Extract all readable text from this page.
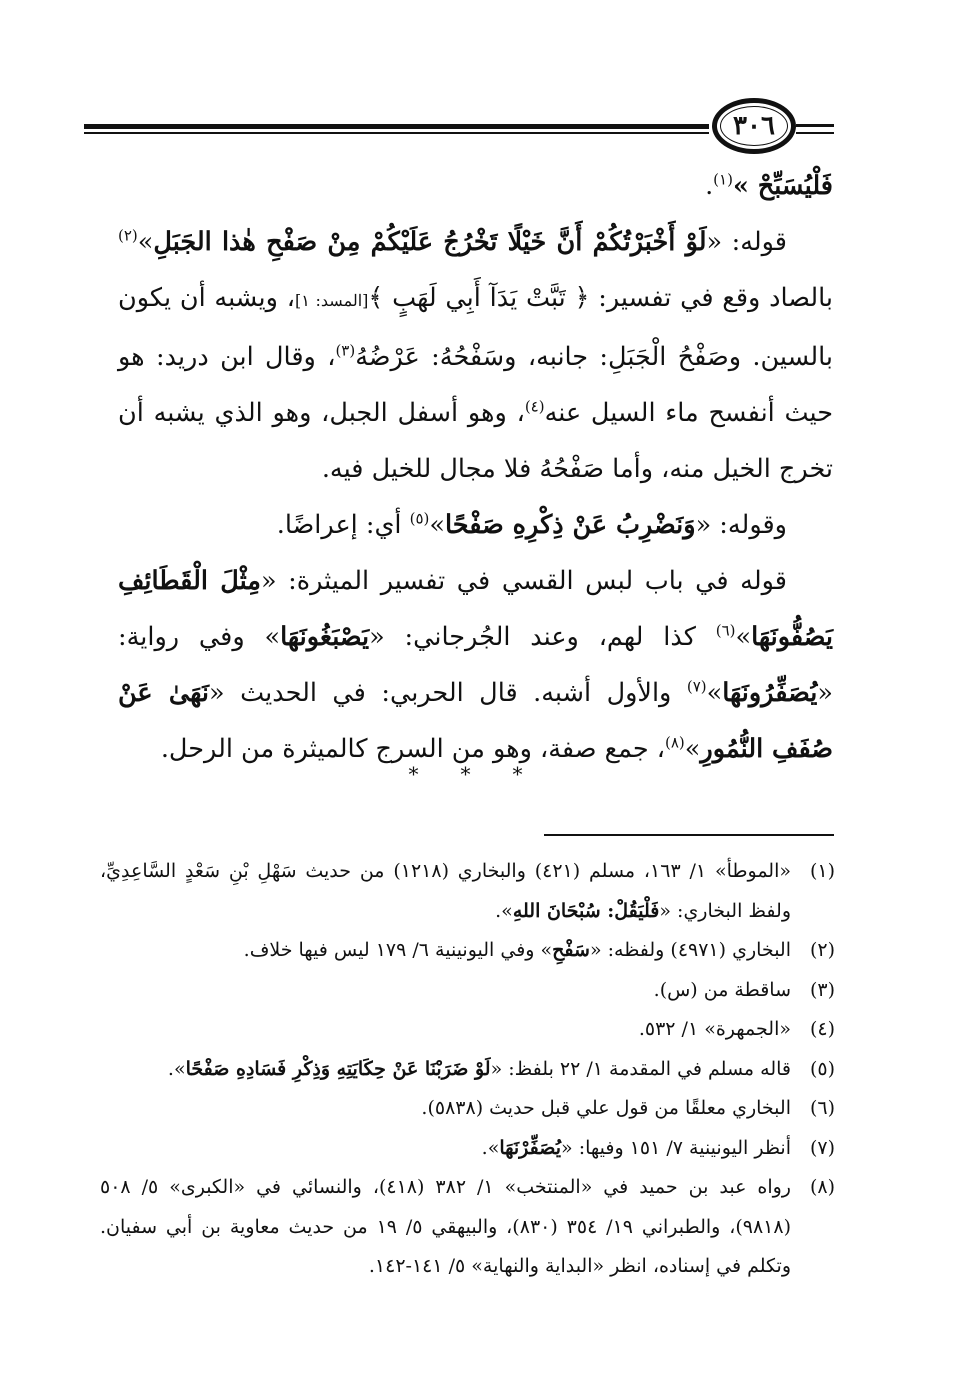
٣٠٦

فَلْيُسَبِّحْ »$^{(١)}$.

قوله: «لَوْ أَخْبَرْتُكُمْ أَنَّ خَيْلًا تَخْرُجُ عَلَيْكُمْ مِنْ صَفْحِ هٰذا الجَبَلِ»$^{(٢)}$ بالصاد وقع في تفسير: ﴿ تَبَّتْ يَدَآ أَبِي لَهَبٍ ﴾[المسد: ١]، ويشبه أن يكون بالسين. وصَفْحُ الْجَبَلِ: جانبه، وسَفْحُهُ: عَرْضُهُ$^{(٣)}$، وقال ابن دريد: هو حيث أنفسح ماء السيل عنه$^{(٤)}$، وهو أسفل الجبل، وهو الذي يشبه أن تخرج الخيل منه، وأما صَفْحُهُ فلا مجال للخيل فيه.

وقوله: «وَنَضْرِبُ عَنْ ذِكْرِهِ صَفْحًا»$^{(٥)}$ أي: إعراضًا.

قوله في باب لبس القسي في تفسير الميثرة: «مِثْلَ الْقَطَائِفِ يَصُفُّونَهَا»$^{(٦)}$ كذا لهم، وعند الجُرجاني: «يَصْبَغُونَهَا» وفي رواية: «يُصَفِّرُونَهَا»$^{(٧)}$ والأول أشبه. قال الحربي: في الحديث «نَهَىٰ عَنْ صُفَفِ النُّمُورِ»$^{(٨)}$، جمع صفة، وهو من السرج كالميثرة من الرحل.

* * *
(١)
«الموطأ» ١/ ١٦٣، مسلم (٤٢١) والبخاري (١٢١٨) من حديث سَهْلِ بْنِ سَعْدٍ السَّاعِدِيِّ، ولفظ البخاري: «فَلْيَقُلْ: سُبْحَانَ اللهِ».
(٢)
البخاري (٤٩٧١) ولفظه: «سَفْحِ» وفي اليونينية ٦/ ١٧٩ ليس فيها خلاف.
(٣)
ساقطة من (س).
(٤)
«الجمهرة» ١/ ٥٣٢.
(٥)
قاله مسلم في المقدمة ١/ ٢٢ بلفظ: «لَوْ ضَرَبْنَا عَنْ حِكَايَتِهِ وَذِكْرِ فَسَادِهِ صَفْحًا».
(٦)
البخاري معلقًا من قول علي قبل حديث (٥٨٣٨).
(٧)
أنظر اليونينية ٧/ ١٥١ وفيها: «يُصَفِّرْنَهَا».
(٨)
رواه عبد بن حميد في «المنتخب» ١/ ٣٨٢ (٤١٨)، والنسائي في «الكبرى» ٥/ ٥٠٨ (٩٨١٨)، والطبراني ١٩/ ٣٥٤ (٨٣٠)، والبيهقي ٥/ ١٩ من حديث معاوية بن أبي سفيان. وتكلم في إسناده، انظر «البداية والنهاية» ٥/ ١٤١-١٤٢.
